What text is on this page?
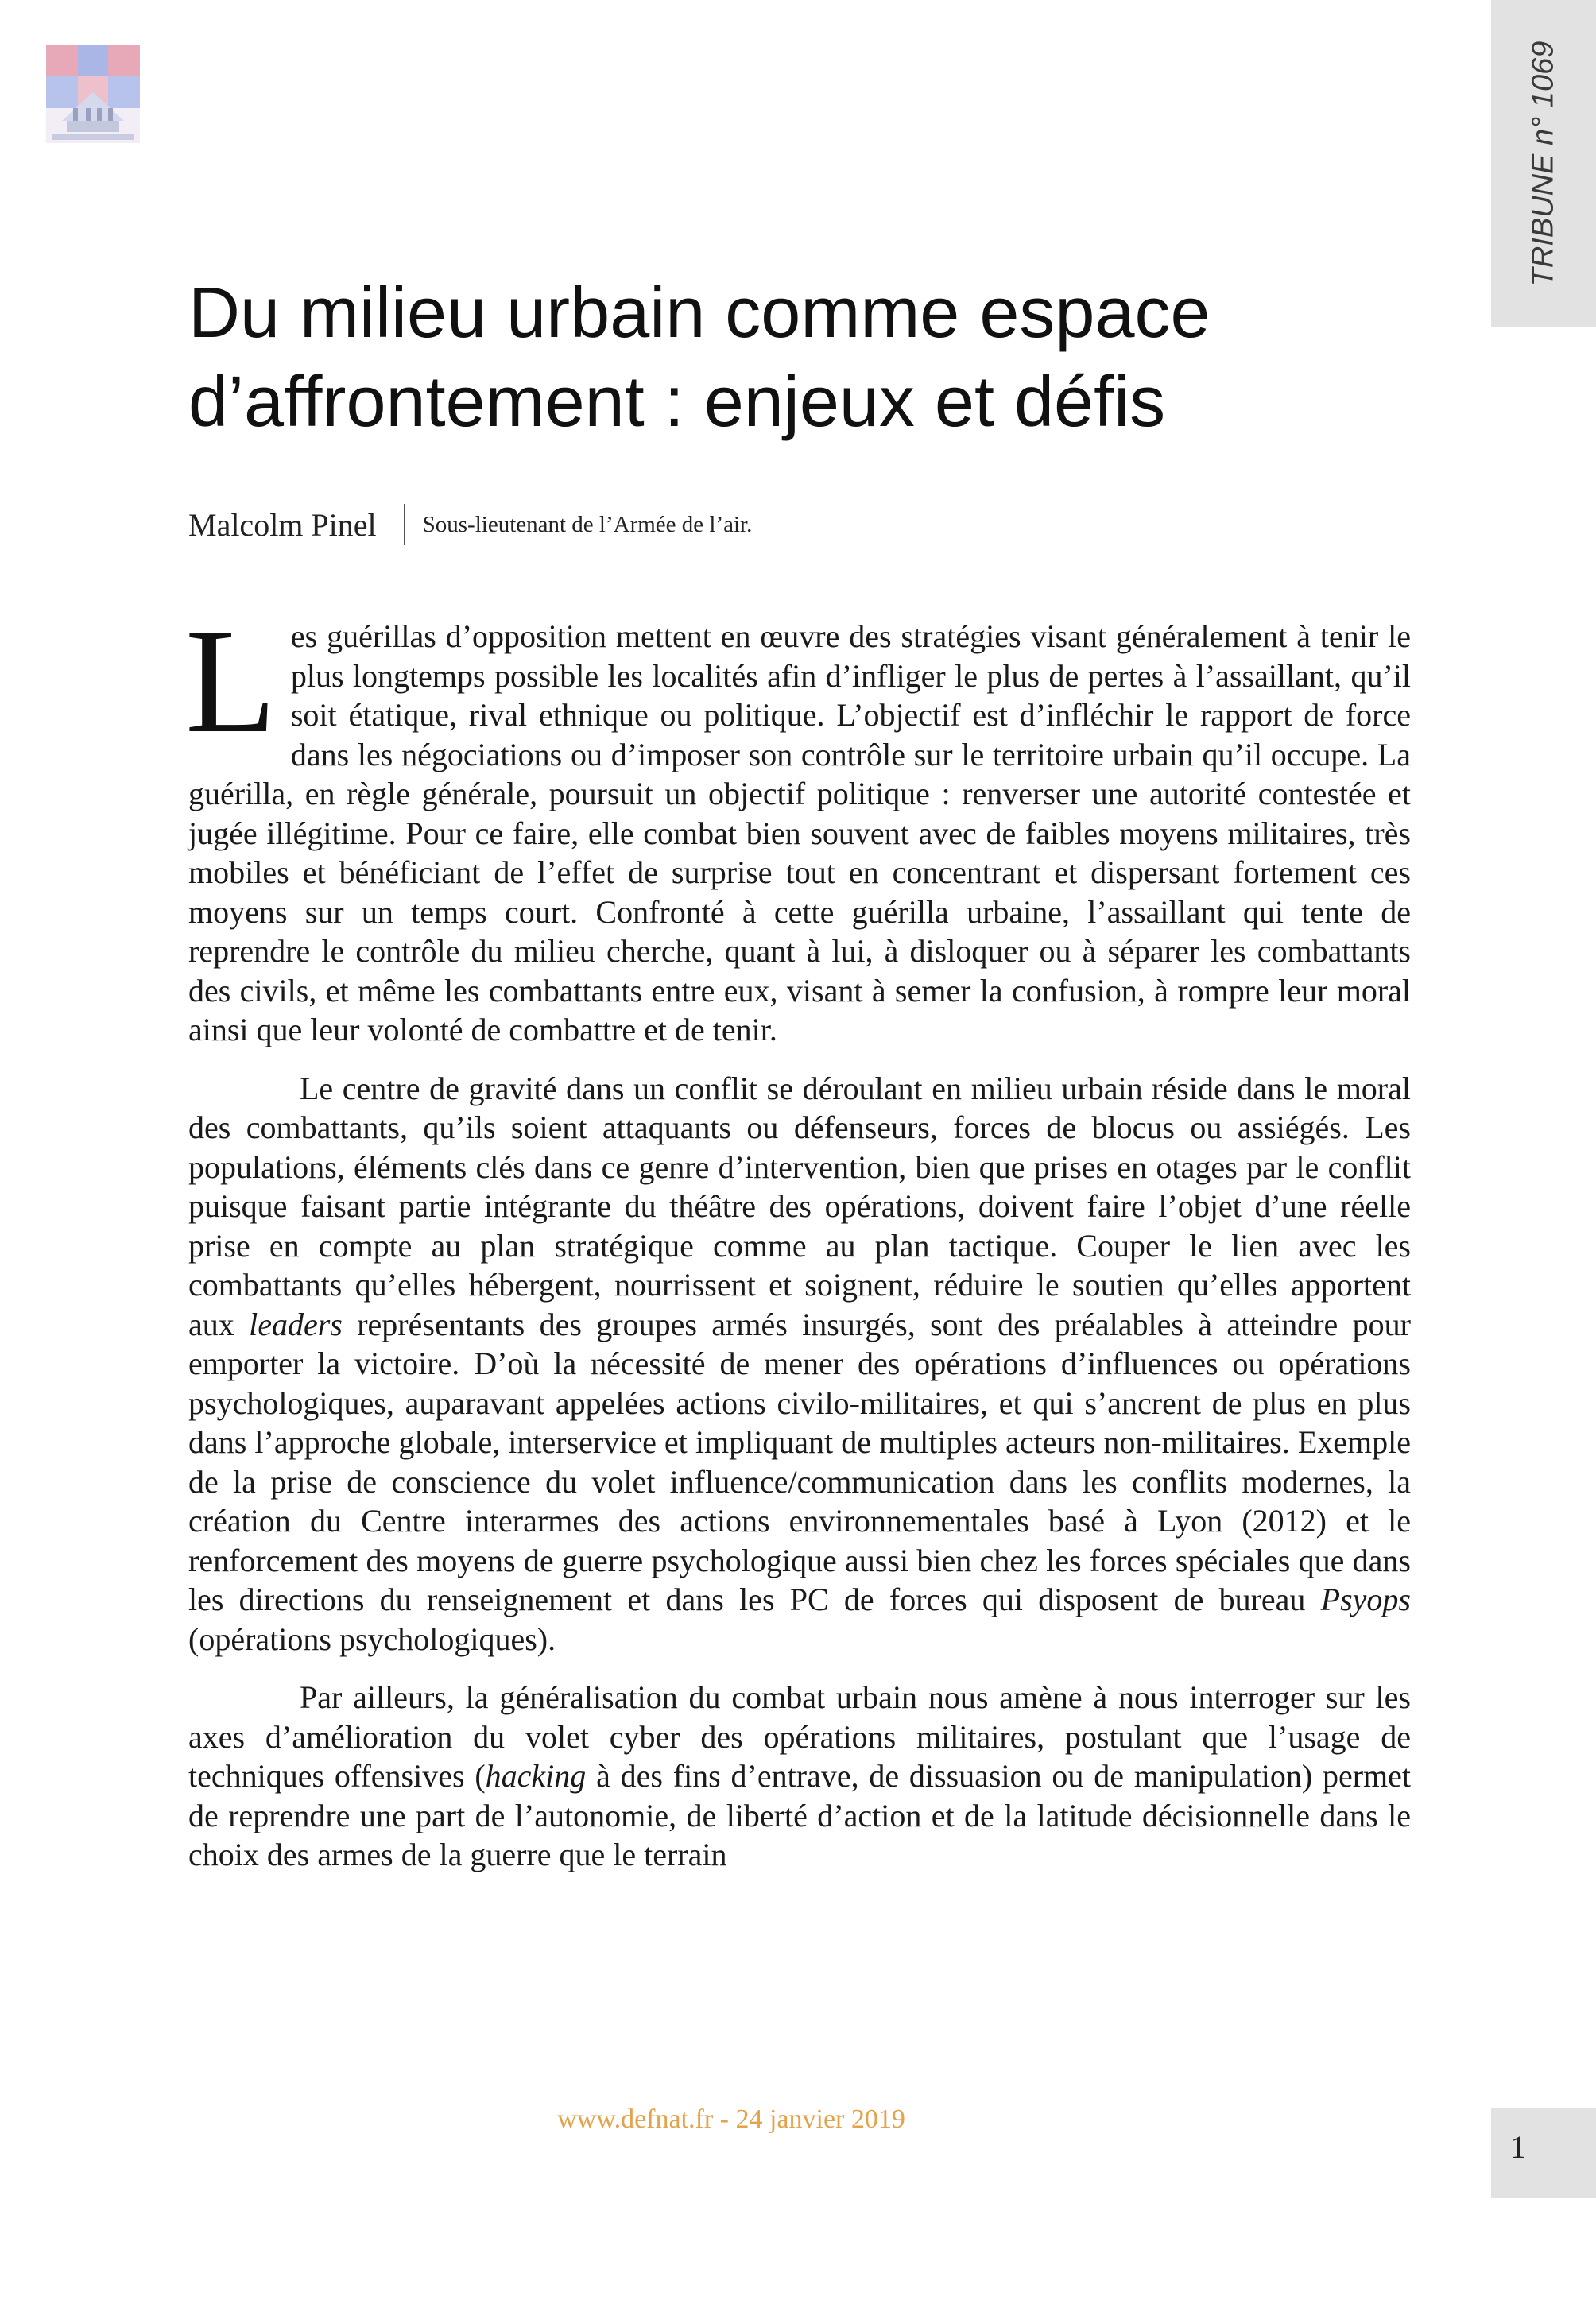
TRIBUNE n° 1069
Du milieu urbain comme espace
d’affrontement : enjeux et défis
Malcolm Pinel Sous-lieutenant de l’Armée de l’air.

Les guérillas d’opposition mettent en œuvre des stratégies visant généralement à tenir le plus longtemps possible les localités afin d’infliger le plus de pertes à l’assaillant, qu’il soit étatique, rival ethnique ou politique. L’objectif est d’infléchir le rapport de force dans les négociations ou d’imposer son contrôle sur le territoire urbain qu’il occupe. La guérilla, en règle générale, poursuit un objectif politique : renverser une autorité contestée et jugée illégitime. Pour ce faire, elle combat bien souvent avec de faibles moyens militaires, très mobiles et bénéficiant de l’effet de surprise tout en concentrant et dispersant fortement ces moyens sur un temps court. Confronté à cette guérilla urbaine, l’assaillant qui tente de reprendre le contrôle du milieu cherche, quant à lui, à disloquer ou à séparer les combattants des civils, et même les combattants entre eux, visant à semer la confusion, à rompre leur moral ainsi que leur volonté de combattre et de tenir.

Le centre de gravité dans un conflit se déroulant en milieu urbain réside dans le moral des combattants, qu’ils soient attaquants ou défenseurs, forces de blocus ou assiégés. Les populations, éléments clés dans ce genre d’intervention, bien que prises en otages par le conflit puisque faisant partie intégrante du théâtre des opérations, doivent faire l’objet d’une réelle prise en compte au plan stratégique comme au plan tactique. Couper le lien avec les combattants qu’elles hébergent, nourrissent et soignent, réduire le soutien qu’elles apportent aux leaders représentants des groupes armés insurgés, sont des préalables à atteindre pour emporter la victoire. D’où la nécessité de mener des opérations d’influences ou opérations psychologiques, auparavant appelées actions civilo-militaires, et qui s’ancrent de plus en plus dans l’approche globale, interservice et impliquant de multiples acteurs non-militaires. Exemple de la prise de conscience du volet influence/communication dans les conflits modernes, la création du Centre interarmes des actions environnementales basé à Lyon (2012) et le renforcement des moyens de guerre psychologique aussi bien chez les forces spéciales que dans les directions du renseignement et dans les PC de forces qui disposent de bureau Psyops (opérations psychologiques).

Par ailleurs, la généralisation du combat urbain nous amène à nous interroger sur les axes d’amélioration du volet cyber des opérations militaires, postulant que l’usage de techniques offensives (hacking à des fins d’entrave, de dissuasion ou de manipulation) permet de reprendre une part de l’autonomie, de liberté d’action et de la latitude décisionnelle dans le choix des armes de la guerre que le terrain

www.defnat.fr - 24 janvier 2019
1
